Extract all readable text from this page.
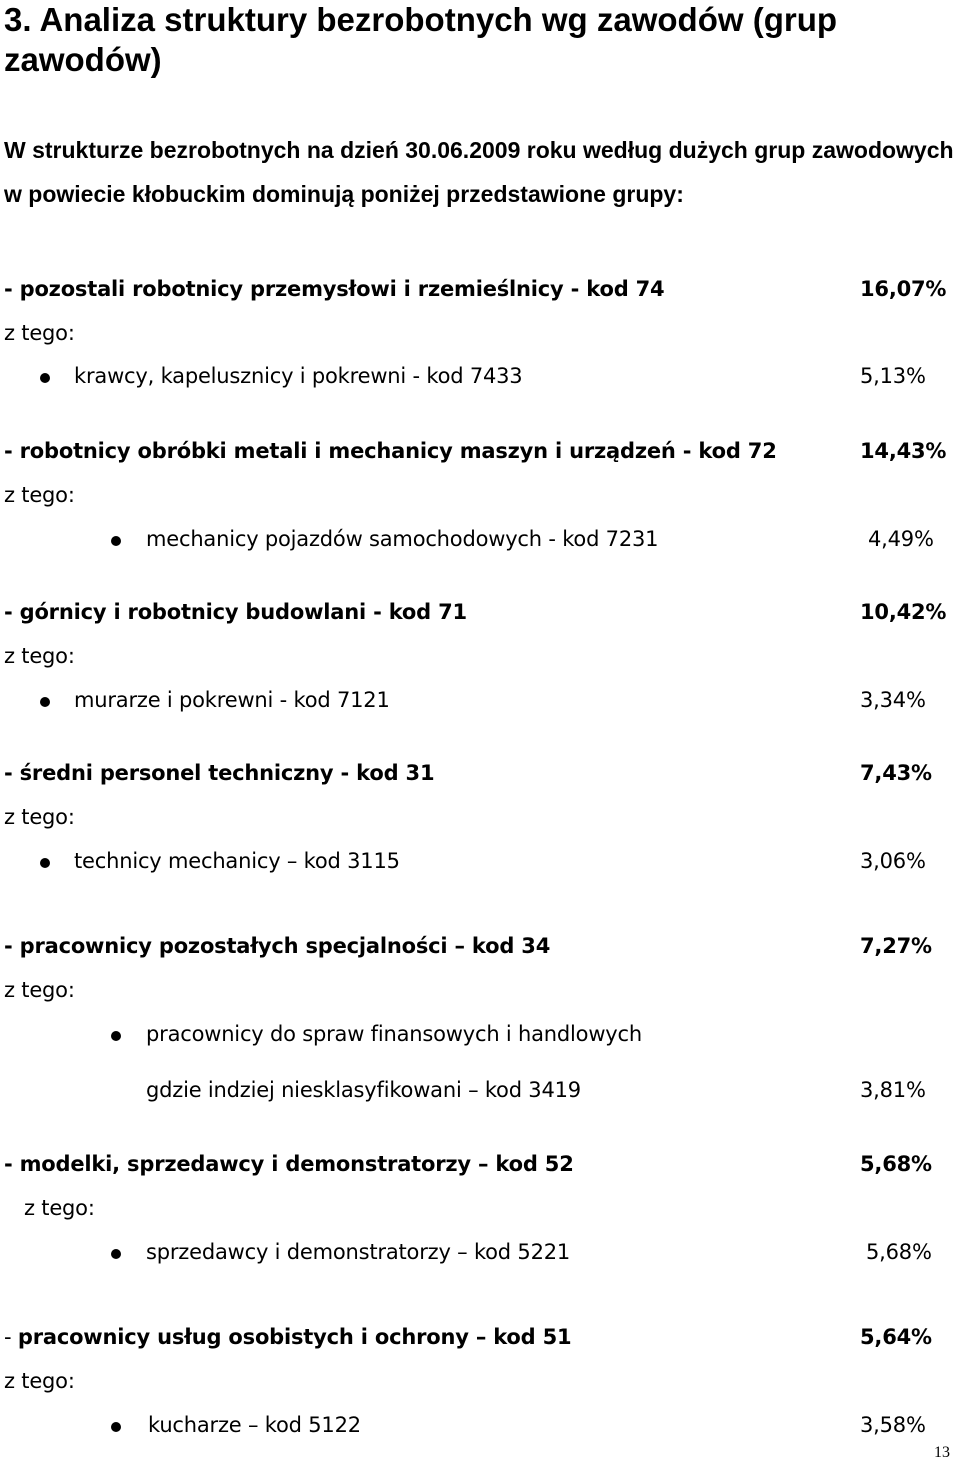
3. Analiza struktury bezrobotnych wg zawodów (grup zawodów)

W strukturze bezrobotnych na dzień 30.06.2009 roku według dużych grup zawodowych w powiecie kłobuckim dominują poniżej przedstawione grupy:

- pozostali robotnicy przemysłowi i rzemieślnicy - kod 74	16,07%
z tego:
krawcy, kapelusznicy i pokrewni - kod 7433	5,13%
- robotnicy obróbki metali i mechanicy maszyn i urządzeń - kod 72	14,43%
z tego:
mechanicy pojazdów samochodowych - kod 7231	4,49%
- górnicy i robotnicy budowlani - kod 71	10,42%
z tego:
murarze i pokrewni - kod 7121	3,34%
- średni personel techniczny - kod 31	7,43%
z tego:
technicy mechanicy – kod 3115	3,06%
- pracownicy pozostałych specjalności – kod 34	7,27%
z tego:
pracownicy do spraw finansowych i handlowych
gdzie indziej niesklasyfikowani – kod 3419	3,81%
- modelki, sprzedawcy i demonstratorzy – kod 52	5,68%
z tego:
sprzedawcy i demonstratorzy – kod 5221	5,68%
- pracownicy usług osobistych i ochrony – kod 51	5,64%
z tego:
kucharze – kod 5122	3,58%
13
